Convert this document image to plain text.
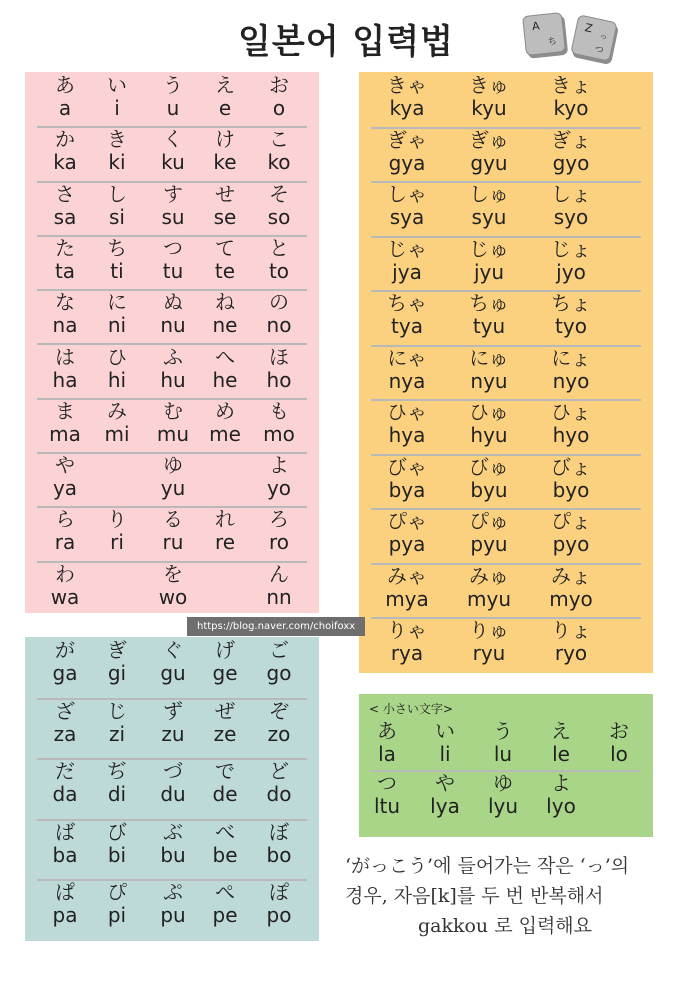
일본어 입력법	A
ち
Z
っ
つ
あ
a
い
i
う
u
え
e
お
o
か
ka
き
ki
く
ku
け
ke
こ
ko
さ
sa
し
si
す
su
せ
se
そ
so
た
ta
ち
ti
つ
tu
て
te
と
to
な
na
に
ni
ぬ
nu
ね
ne
の
no
は
ha
ひ
hi
ふ
hu
へ
he
ほ
ho
ま
ma
み
mi
む
mu
め
me
も
mo
や
ya
ゆ
yu
よ
yo
ら
ra
り
ri
る
ru
れ
re
ろ
ro
わ
wa
を
wo
ん
nn
が
ga
ぎ
gi
ぐ
gu
げ
ge
ご
go
ざ
za
じ
zi
ず
zu
ぜ
ze
ぞ
zo
だ
da
ぢ
di
づ
du
で
de
ど
do
ば
ba
び
bi
ぶ
bu
べ
be
ぼ
bo
ぱ
pa
ぴ
pi
ぷ
pu
ぺ
pe
ぽ
po
きゃ
kya
きゅ
kyu
きょ
kyo
ぎゃ
gya
ぎゅ
gyu
ぎょ
gyo
しゃ
sya
しゅ
syu
しょ
syo
じゃ
jya
じゅ
jyu
じょ
jyo
ちゃ
tya
ちゅ
tyu
ちょ
tyo
にゃ
nya
にゅ
nyu
にょ
nyo
ひゃ
hya
ひゅ
hyu
ひょ
hyo
びゃ
bya
びゅ
byu
びょ
byo
ぴゃ
pya
ぴゅ
pyu
ぴょ
pyo
みゃ
mya
みゅ
myu
みょ
myo
りゃ
rya
りゅ
ryu
りょ
ryo
< 小さい文字>
あ
la
い
li
う
lu
え
le
お
lo
つ
ltu
や
lya
ゆ
lyu
よ
lyo
https://blog.naver.com/choifoxx
‘がっこう’에 들어가는 작은 ‘っ’의
경우, 자음[k]를 두 번 반복해서
gakkou 로 입력해요
